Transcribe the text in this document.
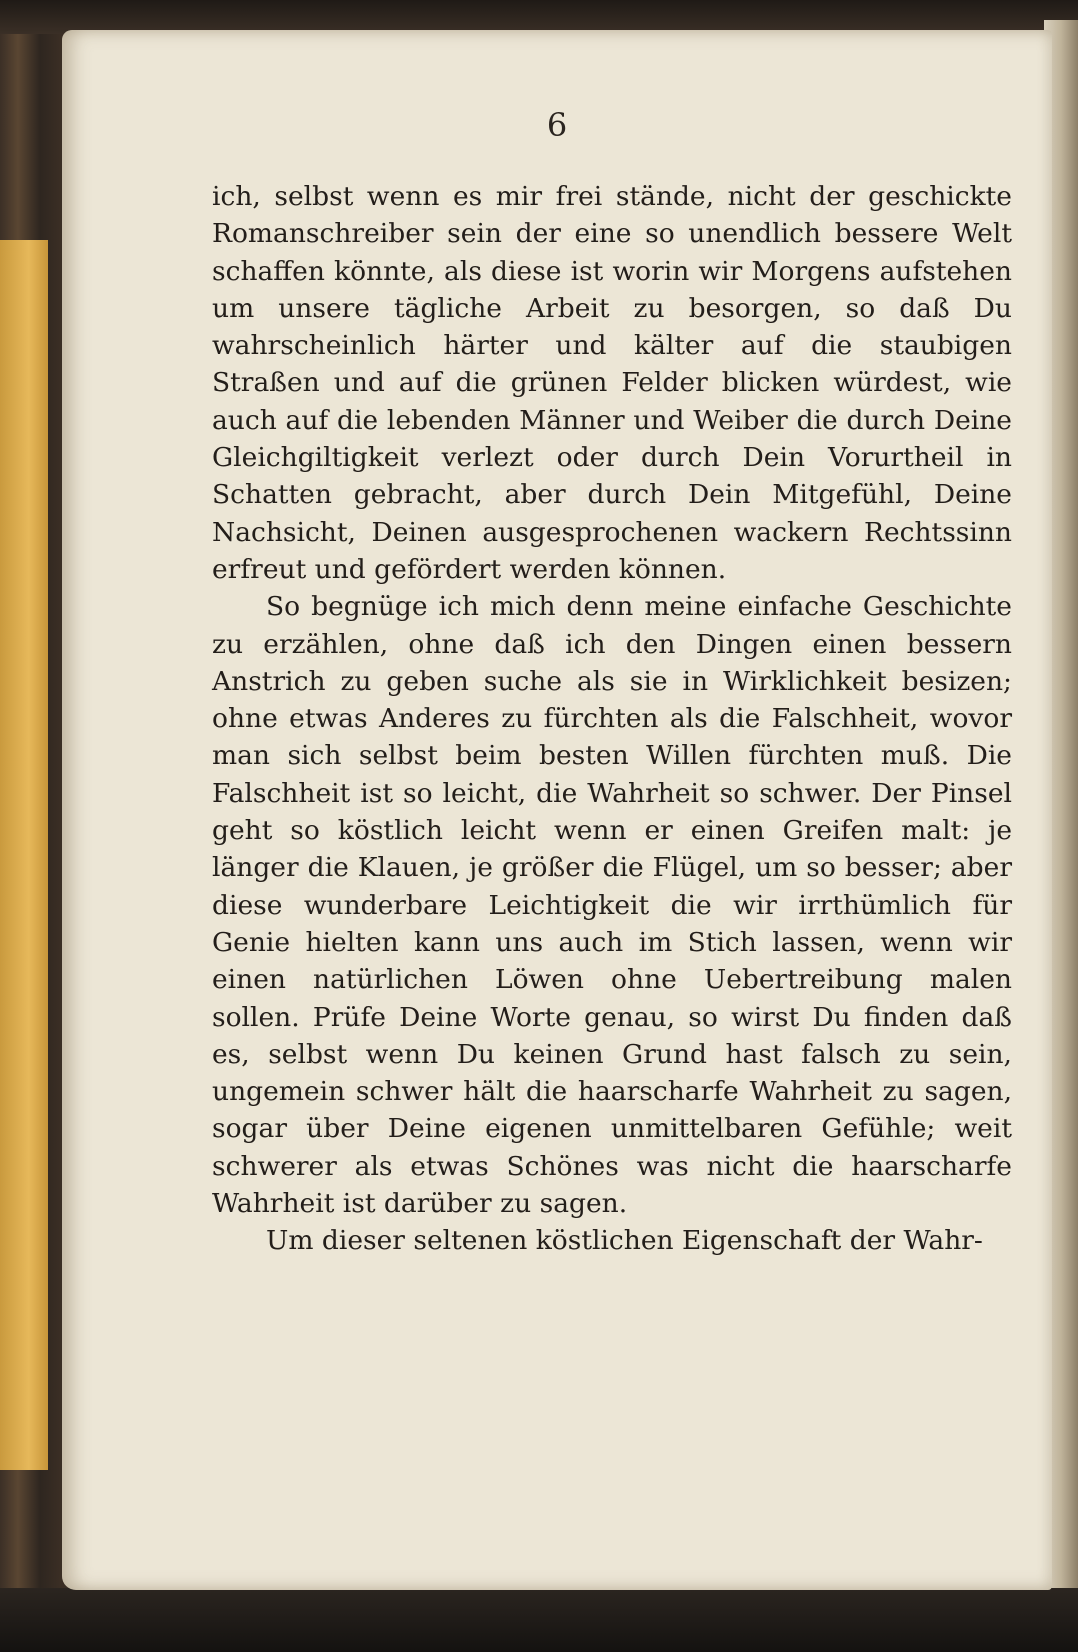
6

ich, selbst wenn es mir frei stände, nicht der geschickte Romanschreiber sein der eine so unendlich bessere Welt schaffen könnte, als diese ist worin wir Morgens aufstehen um unsere tägliche Arbeit zu besorgen, so daß Du wahrscheinlich härter und kälter auf die staubigen Straßen und auf die grünen Felder blicken würdest, wie auch auf die lebenden Männer und Weiber die durch Deine Gleichgiltigkeit verlezt oder durch Dein Vorurtheil in Schatten gebracht, aber durch Dein Mitgefühl, Deine Nachsicht, Deinen ausgesprochenen wackern Rechtssinn erfreut und gefördert werden können.

So begnüge ich mich denn meine einfache Geschichte zu erzählen, ohne daß ich den Dingen einen bessern Anstrich zu geben suche als sie in Wirklichkeit besizen; ohne etwas Anderes zu fürchten als die Falschheit, wovor man sich selbst beim besten Willen fürchten muß. Die Falschheit ist so leicht, die Wahrheit so schwer. Der Pinsel geht so köstlich leicht wenn er einen Greifen malt: je länger die Klauen, je größer die Flügel, um so besser; aber diese wunderbare Leichtigkeit die wir irrthümlich für Genie hielten kann uns auch im Stich lassen, wenn wir einen natürlichen Löwen ohne Uebertreibung malen sollen. Prüfe Deine Worte genau, so wirst Du finden daß es, selbst wenn Du keinen Grund hast falsch zu sein, ungemein schwer hält die haarscharfe Wahrheit zu sagen, sogar über Deine eigenen unmittelbaren Gefühle; weit schwerer als etwas Schönes was nicht die haarscharfe Wahrheit ist darüber zu sagen.

Um dieser seltenen köstlichen Eigenschaft der Wahr-
